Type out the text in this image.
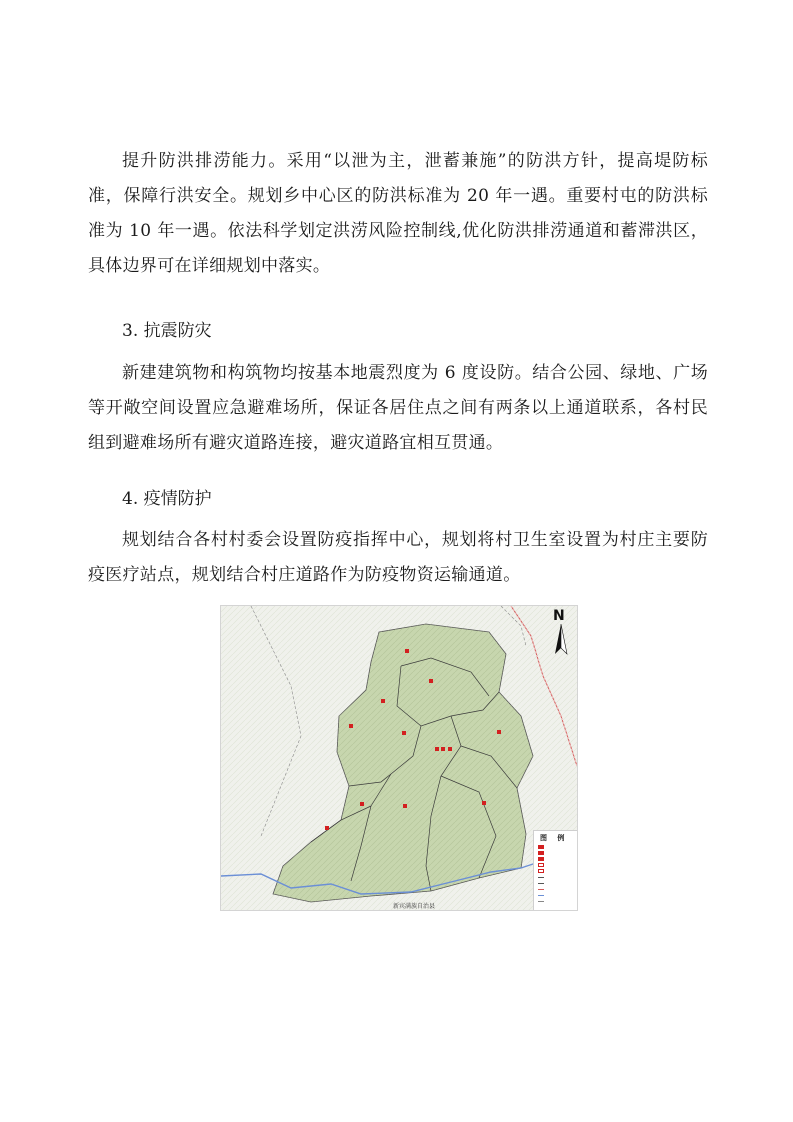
提升防洪排涝能力。采用“以泄为主，泄蓄兼施”的防洪方针，提高堤防标准，保障行洪安全。规划乡中心区的防洪标准为 20 年一遇。重要村屯的防洪标准为 10 年一遇。依法科学划定洪涝风险控制线,优化防洪排涝通道和蓄滞洪区，具体边界可在详细规划中落实。

3. 抗震防灾

新建建筑物和构筑物均按基本地震烈度为 6 度设防。结合公园、绿地、广场等开敞空间设置应急避难场所，保证各居住点之间有两条以上通道联系，各村民组到避难场所有避灾道路连接，避灾道路宜相互贯通。

4. 疫情防护

规划结合各村村委会设置防疫指挥中心，规划将村卫生室设置为村庄主要防疫医疗站点，规划结合村庄道路作为防疫物资运输通道。

N
新宾满族自治县
图 例
